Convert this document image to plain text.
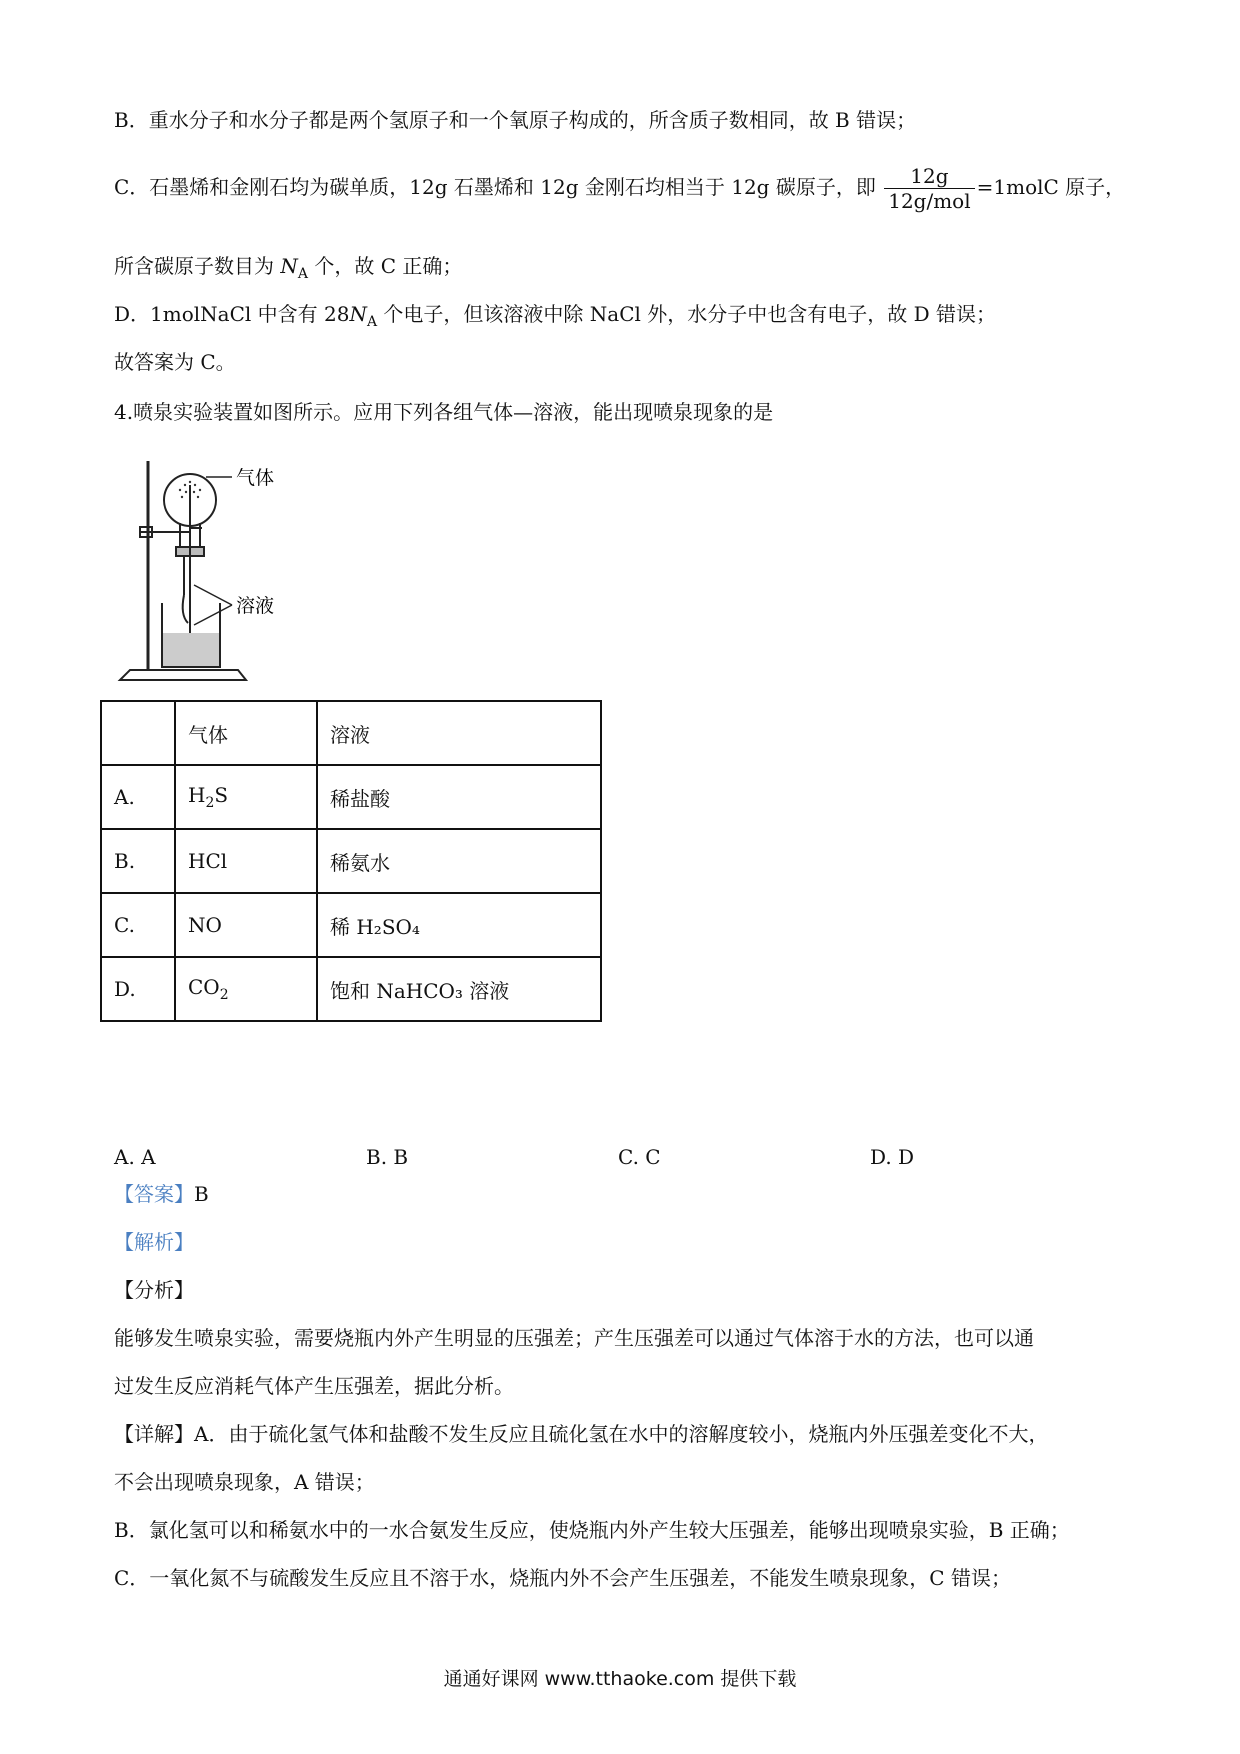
B．重水分子和水分子都是两个氢原子和一个氧原子构成的，所含质子数相同，故 B 错误；
C．石墨烯和金刚石均为碳单质，12g 石墨烯和 12g 金刚石均相当于 12g 碳原子，即 $\frac{12g}{\text{12g/mol}}$ =1molC 原子，
所含碳原子数目为 $N_A$ 个，故 C 正确；
D．1molNaCl 中含有 $28N_A$ 个电子，但该溶液中除 NaCl 外，水分子中也含有电子，故 D 错误；
故答案为 C。
4.喷泉实验装置如图所示。应用下列各组气体—溶液，能出现喷泉现象的是
气体
溶液
	气体	溶液
A.	$H_2S$	稀盐酸
B.	HCl	稀氨水
C.	NO	稀 H₂SO₄
D.	$CO_2$	饱和 NaHCO₃ 溶液
A. A	B. B	C. C	D. D
【答案】B
【解析】
【分析】
能够发生喷泉实验，需要烧瓶内外产生明显的压强差；产生压强差可以通过气体溶于水的方法，也可以通
过发生反应消耗气体产生压强差，据此分析。
【详解】A．由于硫化氢气体和盐酸不发生反应且硫化氢在水中的溶解度较小，烧瓶内外压强差变化不大，
不会出现喷泉现象，A 错误；
B．氯化氢可以和稀氨水中的一水合氨发生反应，使烧瓶内外产生较大压强差，能够出现喷泉实验，B 正确；
C．一氧化氮不与硫酸发生反应且不溶于水，烧瓶内外不会产生压强差，不能发生喷泉现象，C 错误；
通通好课网 www.tthaoke.com 提供下载
